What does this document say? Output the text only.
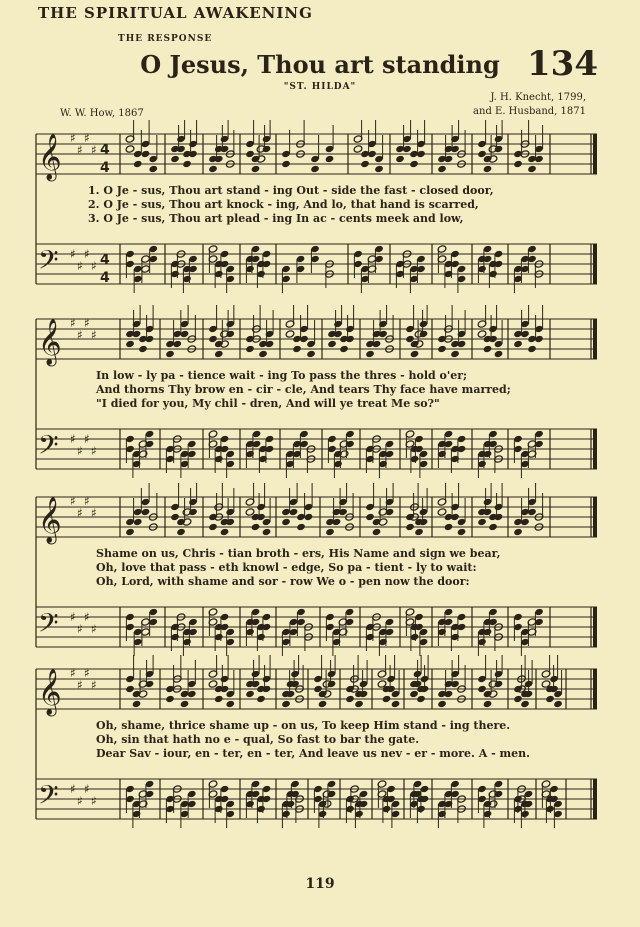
THE SPIRITUAL AWAKENING
THE RESPONSE
O Jesus, Thou art standing 134
"ST. HILDA"
W. W. How, 1867
J. H. Knecht, 1799,
and E. Husband, 1871
𝄞
𝄢
♯
♯
♯
♯
♯
♯
♯
♯
4
4
4
4
1. O Je - sus, Thou art stand - ing Out - side the fast - closed door,
2. O Je - sus, Thou art knock - ing, And lo, that hand is scarred,
3. O Je - sus, Thou art plead - ing In ac - cents meek and low,
𝄞
𝄢
♯
♯
♯
♯
♯
♯
♯
♯
In low - ly pa - tience wait - ing To pass the thres - hold o'er;
And thorns Thy brow en - cir - cle, And tears Thy face have marred;
"I died for you, My chil - dren, And will ye treat Me so?"
𝄞
𝄢
♯
♯
♯
♯
♯
♯
♯
♯
Shame on us, Chris - tian broth - ers, His Name and sign we bear,
Oh, love that pass - eth knowl - edge, So pa - tient - ly to wait:
Oh, Lord, with shame and sor - row We o - pen now the door:
𝄞
𝄢
♯
♯
♯
♯
♯
♯
♯
♯
Oh, shame, thrice shame up - on us, To keep Him stand - ing there.
Oh, sin that hath no e - qual, So fast to bar the gate.
Dear Sav - iour, en - ter, en - ter, And leave us nev - er - more. A - men.
119
